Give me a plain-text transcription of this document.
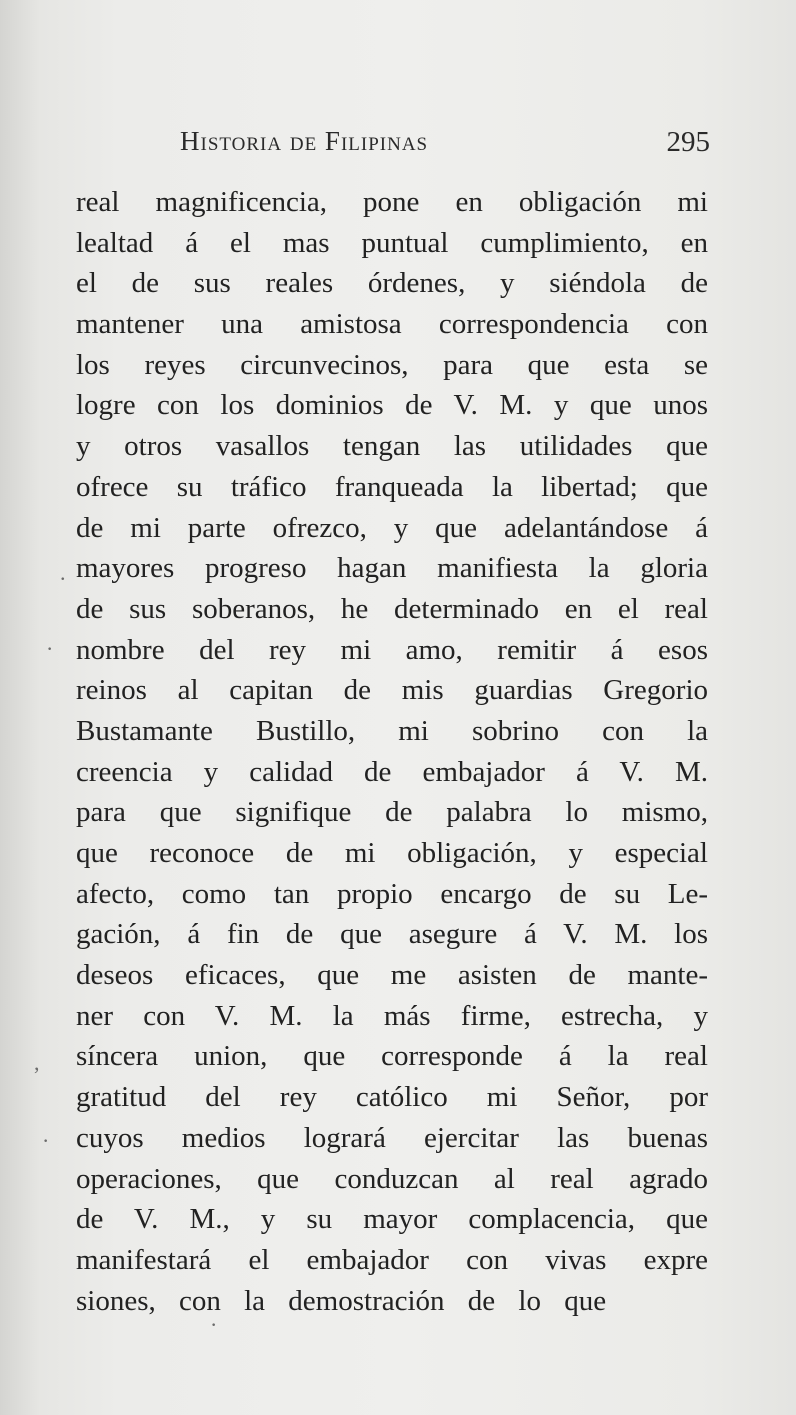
Historia de Filipinas	295
real magnificencia, pone en obligación mi
lealtad á el mas puntual cumplimiento, en
el de sus reales órdenes, y siéndola de
mantener una amistosa correspondencia con
los reyes circunvecinos, para que esta se
logre con los dominios de V. M. y que unos
y otros vasallos tengan las utilidades que
ofrece su tráfico franqueada la libertad; que
de mi parte ofrezco, y que adelantándose á
mayores progreso hagan manifiesta la gloria
de sus soberanos, he determinado en el real
nombre del rey mi amo, remitir á esos
reinos al capitan de mis guardias Gregorio
Bustamante Bustillo, mi sobrino con la
creencia y calidad de embajador á V. M.
para que signifique de palabra lo mismo,
que reconoce de mi obligación, y especial
afecto, como tan propio encargo de su Le-
gación, á fin de que asegure á V. M. los
deseos eficaces, que me asisten de mante-
ner con V. M. la más firme, estrecha, y
síncera union, que corresponde á la real
gratitud del rey católico mi Señor, por
cuyos medios logrará ejercitar las buenas
operaciones, que conduzcan al real agrado
de V. M., y su mayor complacencia, que
manifestará el embajador con vivas expre
siones, con la demostración de lo que
.
·
,
·
·
